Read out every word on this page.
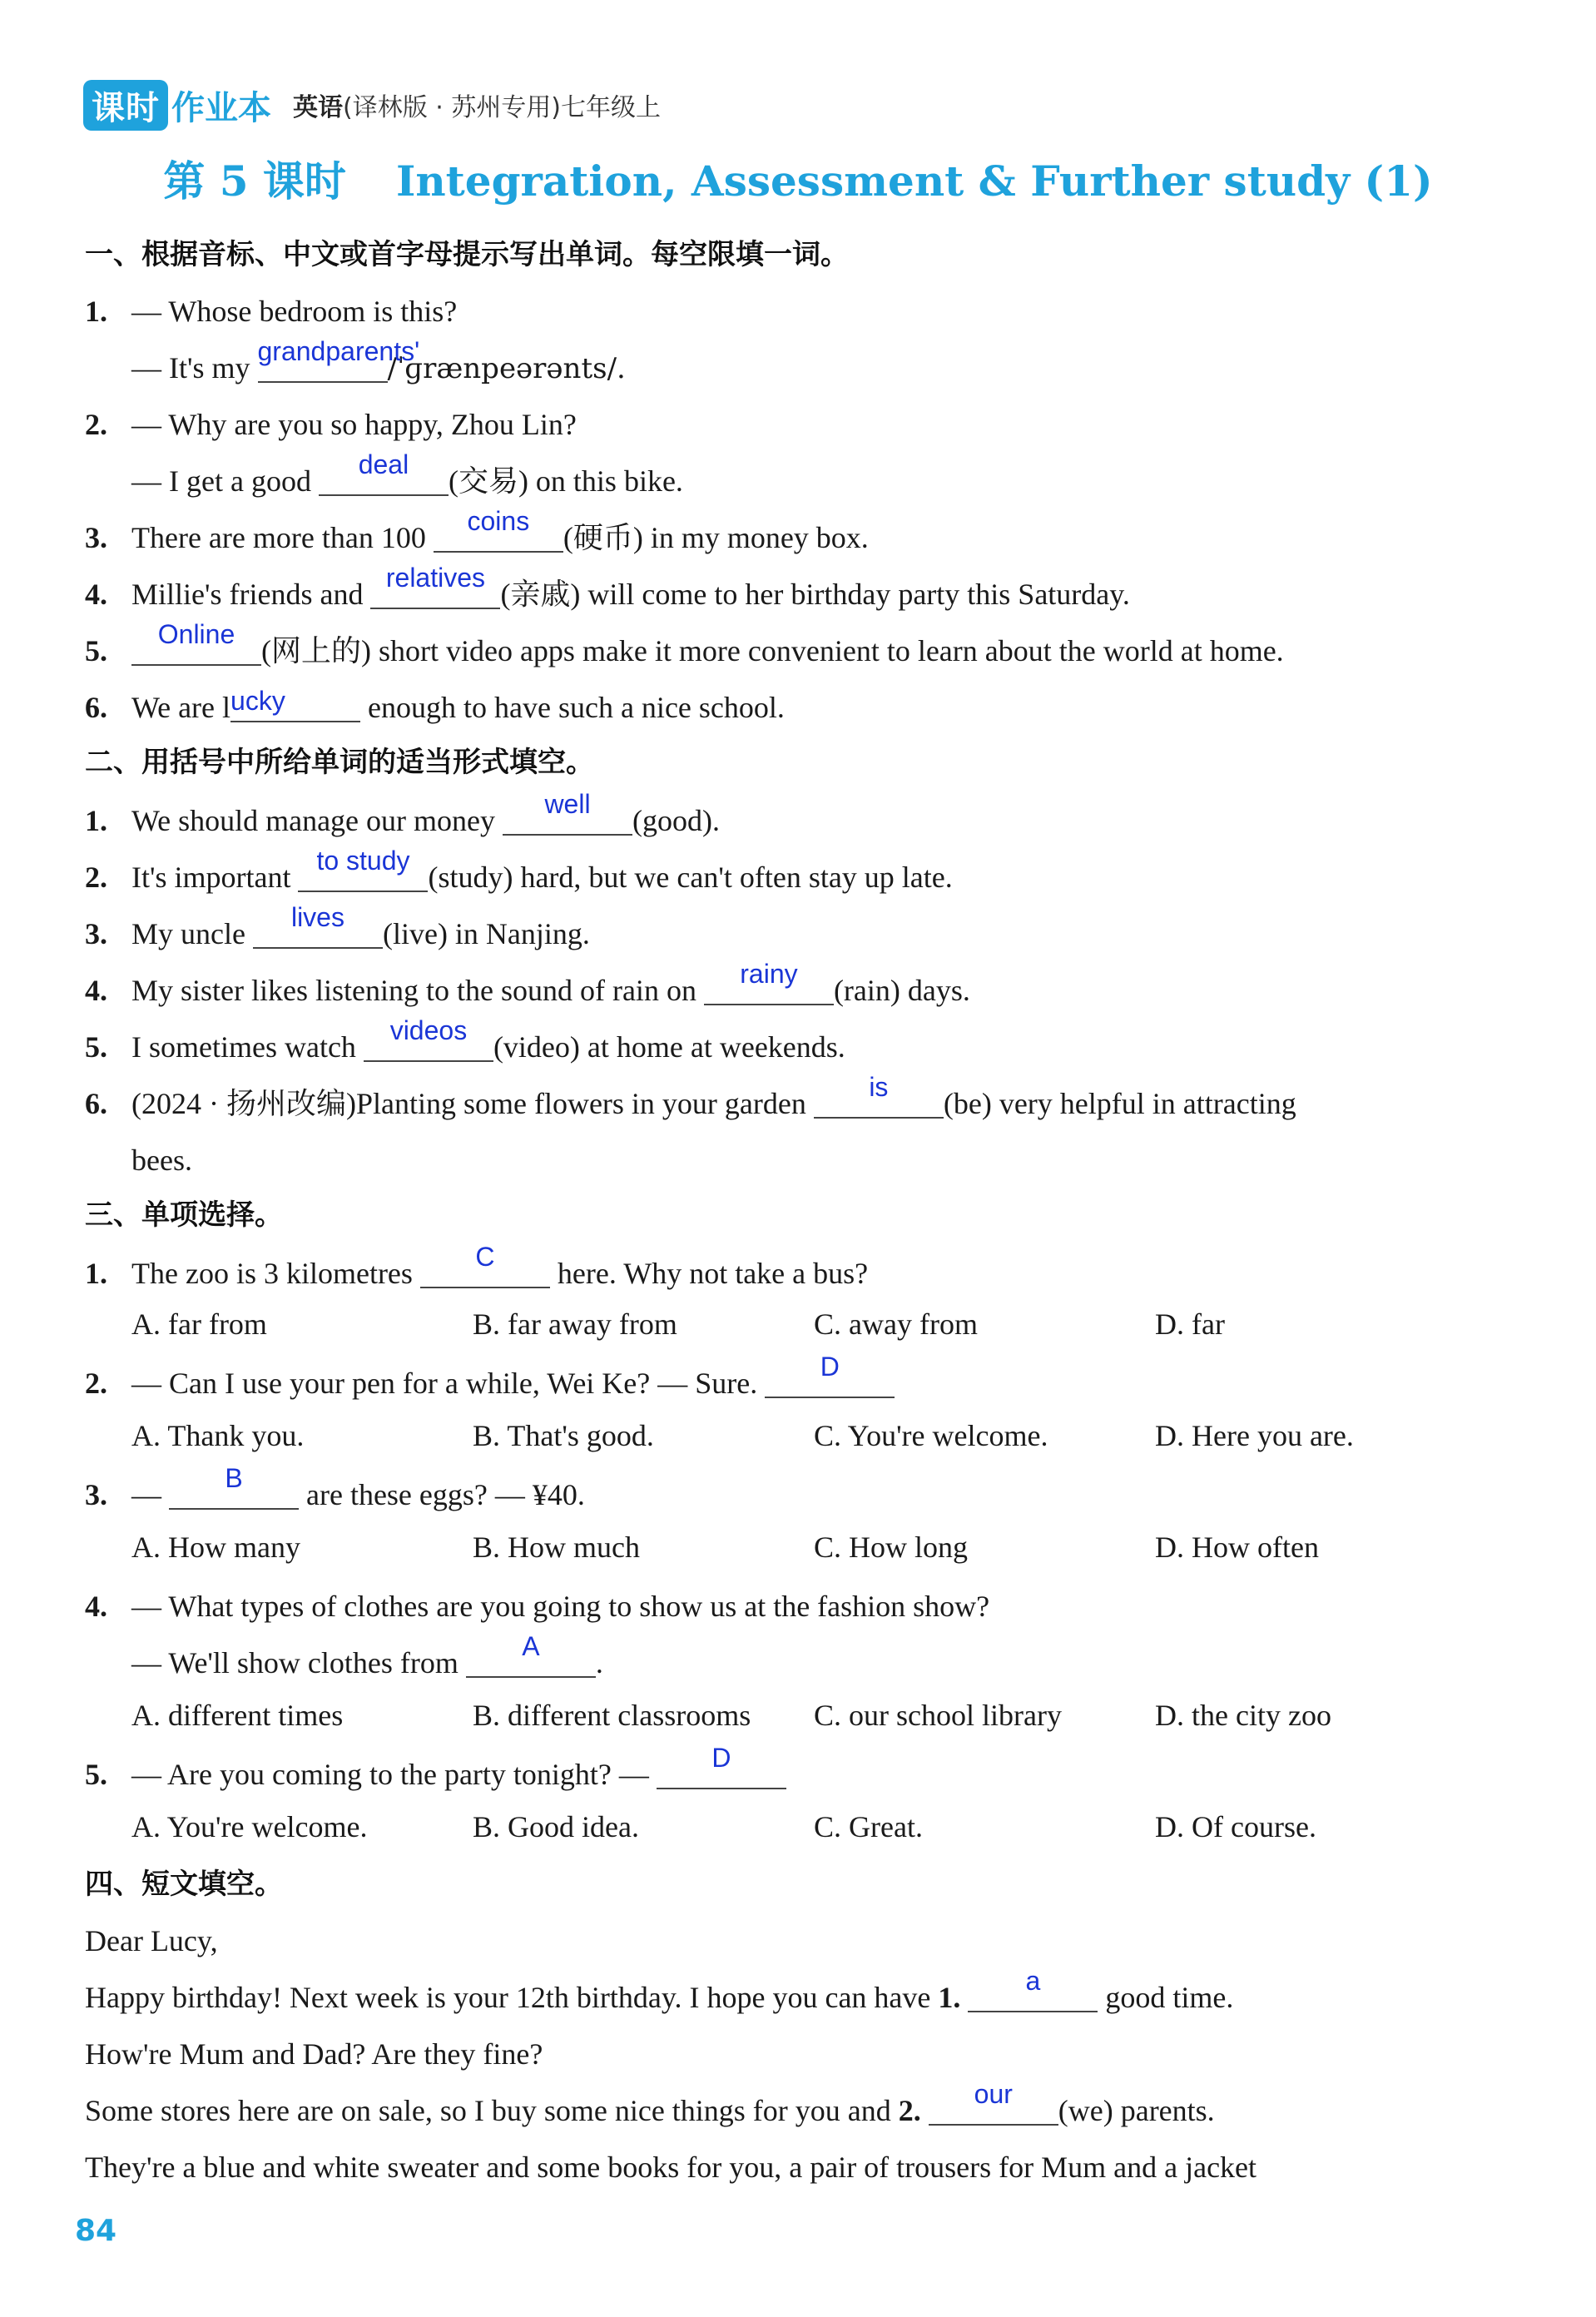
课时 作业本 英语(译林版 · 苏州专用)七年级上
第 5 课时 Integration, Assessment & Further study (1)
一、根据音标、中文或首字母提示写出单词。每空限填一词。
1. — Whose bedroom is this?
— It's my grandparents'
/ˈɡrænpeərənts/.
2. — Why are you so happy, Zhou Lin?
— I get a good	deal	(交易) on this bike.
3. There are more than 100	coins	(硬币) in my money box.
4. Millie's friends and relatives (亲戚) will come to her birthday party this Saturday.
5.	Online (网上的) short video apps make it more convenient to learn about the world at home.
6. We are l ucky	enough to have such a nice school.
二、用括号中所给单词的适当形式填空。
1. We should manage our money	well	(good).
2. It's important to study (study) hard, but we can't often stay up late.
3. My uncle	lives	(live) in Nanjing.
4. My sister likes listening to the sound of rain on	rainy	(rain) days.
5. I sometimes watch	videos (video) at home at weekends.
6. (2024 · 扬州改编)Planting some flowers in your garden	is	(be) very helpful in attracting
bees.
三、单项选择。
1. The zoo is 3 kilometres	C	here. Why not take a bus?
A. far from	B. far away from	C. away from	D. far
2. — Can I use your pen for a while, Wei Ke? — Sure.	D
A. Thank you.	B. That's good.	C. You're welcome.	D. Here you are.
3. —	B	are these eggs? — ¥40.
A. How many	B. How much	C. How long	D. How often
4. — What types of clothes are you going to show us at the fashion show?
— We'll show clothes from	A	.
A. different times	B. different classrooms C. our school library	D. the city zoo
5. — Are you coming to the party tonight? —	D
A. You're welcome.	B. Good idea.	C. Great.	D. Of course.
四、短文填空。
Dear Lucy,
Happy birthday! Next week is your 12th birthday. I hope you can have 1.	a	good time.
How're Mum and Dad? Are they fine?
Some stores here are on sale, so I buy some nice things for you and 2.	our	(we) parents.
They're a blue and white sweater and some books for you, a pair of trousers for Mum and a jacket
84
